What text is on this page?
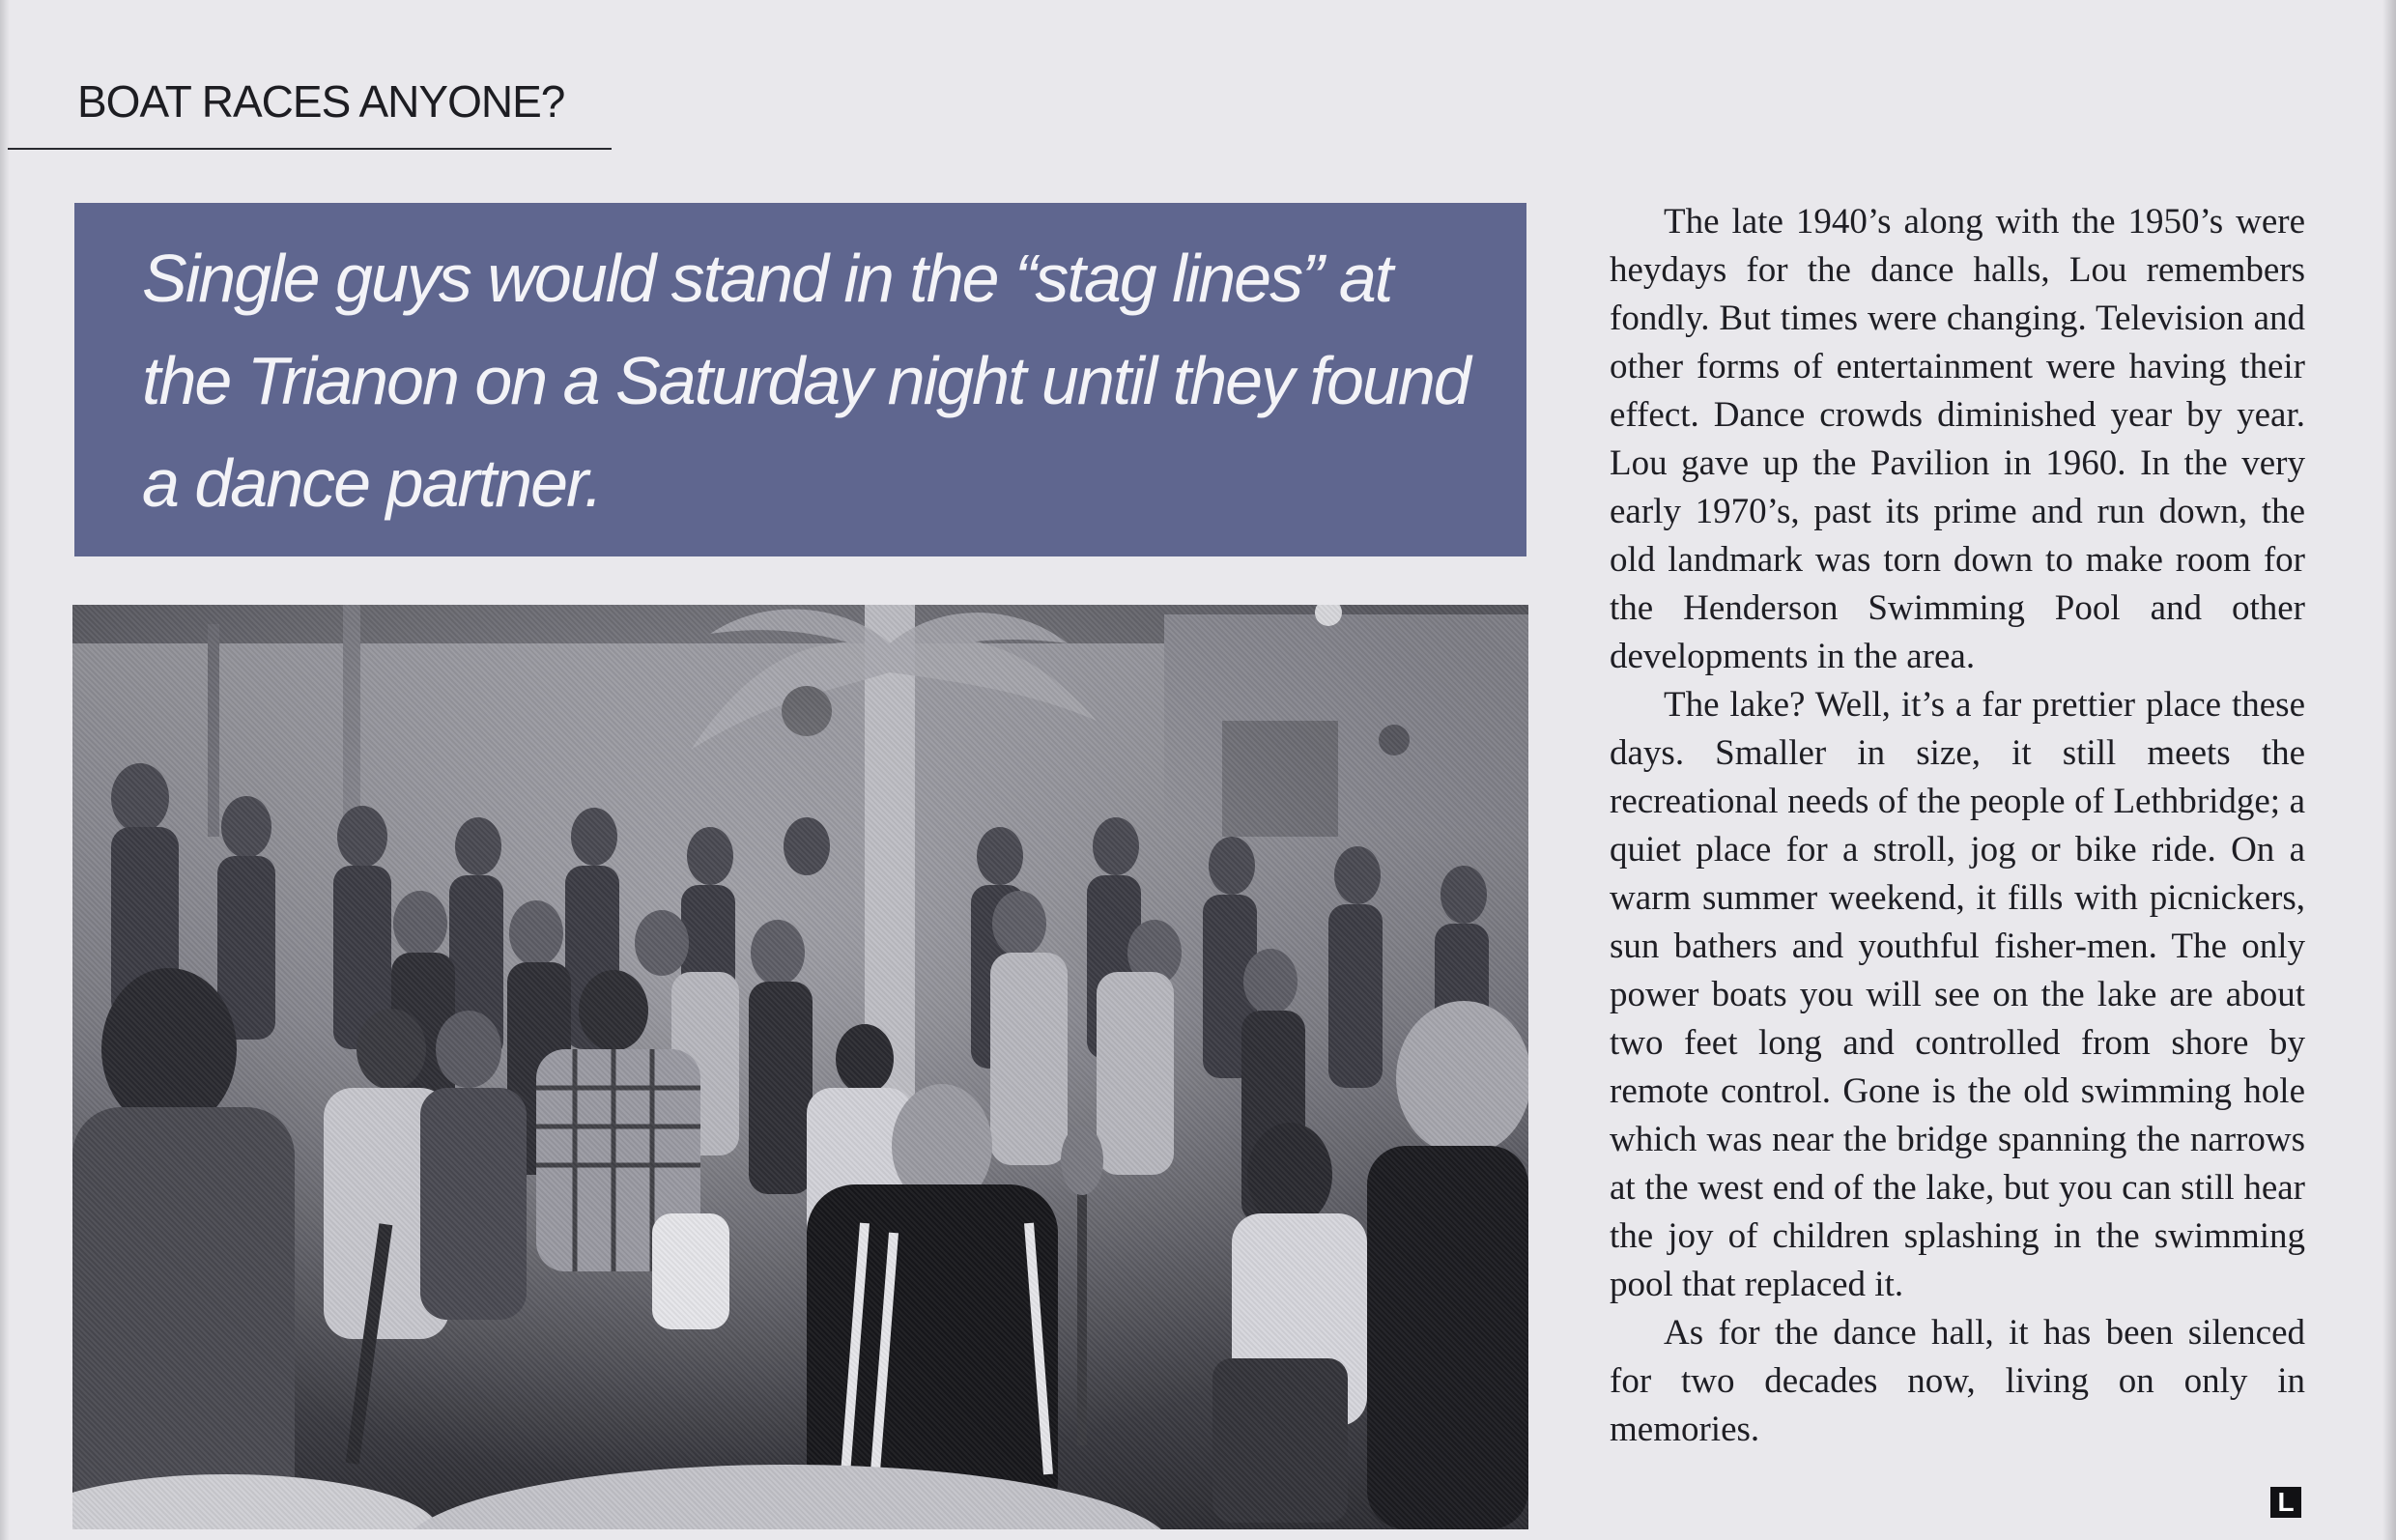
BOAT RACES ANYONE?

Single guys would stand in the “stag lines” at the Trianon on a Saturday night until they found a dance partner.

The late 1940’s along with the 1950’s were heydays for the dance halls, Lou remembers fondly. But times were changing. Television and other forms of entertainment were having their effect. Dance crowds diminished year by year. Lou gave up the Pavilion in 1960. In the very early 1970’s, past its prime and run down, the old landmark was torn down to make room for the Henderson Swimming Pool and other developments in the area.

The lake? Well, it’s a far prettier place these days. Smaller in size, it still meets the recreational needs of the people of Lethbridge; a quiet place for a stroll, jog or bike ride. On a warm summer weekend, it fills with picnickers, sun bathers and youthful fisher-men. The only power boats you will see on the lake are about two feet long and controlled from shore by remote control. Gone is the old swimming hole which was near the bridge spanning the narrows at the west end of the lake, but you can still hear the joy of children splashing in the swimming pool that replaced it.

As for the dance hall, it has been silenced for two decades now, living on only in memories.

L
